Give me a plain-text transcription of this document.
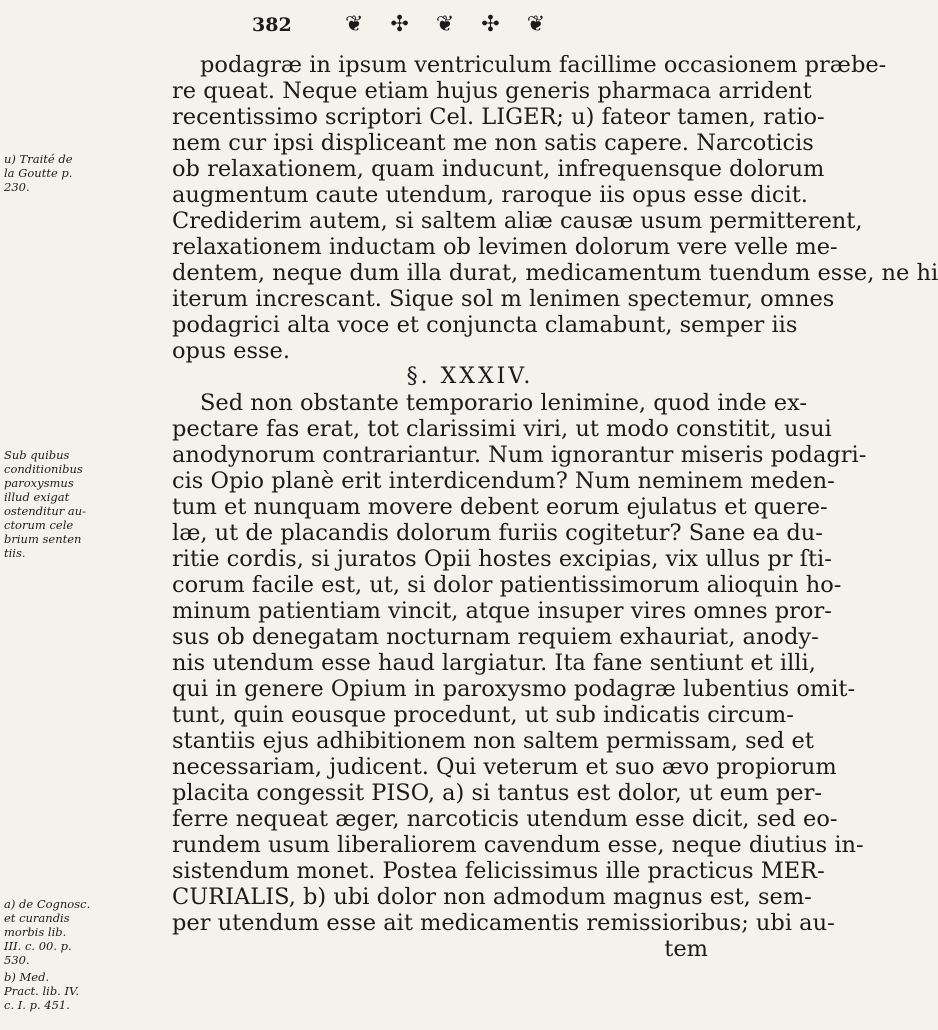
382 ❦ ✣ ❦ ✣ ❦
u) Traité de
la Goutte p.
230.
Sub quibus
conditionibus
paroxysmus
illud exigat
ostenditur au-
ctorum cele
brium senten
tiis.
a) de Cognosc.
et curandis
morbis lib.
III. c. 00. p.
530.
b) Med.
Pract. lib. IV.
c. I. p. 451.
podagræ in ipsum ventriculum facillime occasionem præbe-
re queat. Neque etiam hujus generis pharmaca arrident
recentissimo scriptori Cel. LIGER; u) fateor tamen, ratio-
nem cur ipsi displiceant me non satis capere. Narcoticis
ob relaxationem, quam inducunt, infrequensque dolorum
augmentum caute utendum, raroque iis opus esse dicit.
Crediderim autem, si saltem aliæ causæ usum permitterent,
relaxationem inductam ob levimen dolorum vere velle me-
dentem, neque dum illa durat, medicamentum tuendum esse, ne hi
iterum increscant. Sique sol m lenimen spectemur, omnes
podagrici alta voce et conjuncta clamabunt, semper iis
opus esse.
§. XXXIV.
Sed non obstante temporario lenimine, quod inde ex-
pectare fas erat, tot clarissimi viri, ut modo constitit, usui
anodynorum contrariantur. Num ignorantur miseris podagri-
cis Opio planè erit interdicendum? Num neminem meden-
tum et nunquam movere debent eorum ejulatus et quere-
læ, ut de placandis dolorum furiis cogitetur? Sane ea du-
ritie cordis, si juratos Opii hostes excipias, vix ullus pr ſti-
corum facile est, ut, si dolor patientissimorum alioquin ho-
minum patientiam vincit, atque insuper vires omnes pror-
sus ob denegatam nocturnam requiem exhauriat, anody-
nis utendum esse haud largiatur. Ita fane sentiunt et illi,
qui in genere Opium in paroxysmo podagræ lubentius omit-
tunt, quin eousque procedunt, ut sub indicatis circum-
stantiis ejus adhibitionem non saltem permissam, sed et
necessariam, judicent. Qui veterum et suo ævo propiorum
placita congessit PISO, a) si tantus est dolor, ut eum per-
ferre nequeat æger, narcoticis utendum esse dicit, sed eo-
rundem usum liberaliorem cavendum esse, neque diutius in-
sistendum monet. Postea felicissimus ille practicus MER-
CURIALIS, b) ubi dolor non admodum magnus est, sem-
per utendum esse ait medicamentis remissioribus; ubi au-
tem
